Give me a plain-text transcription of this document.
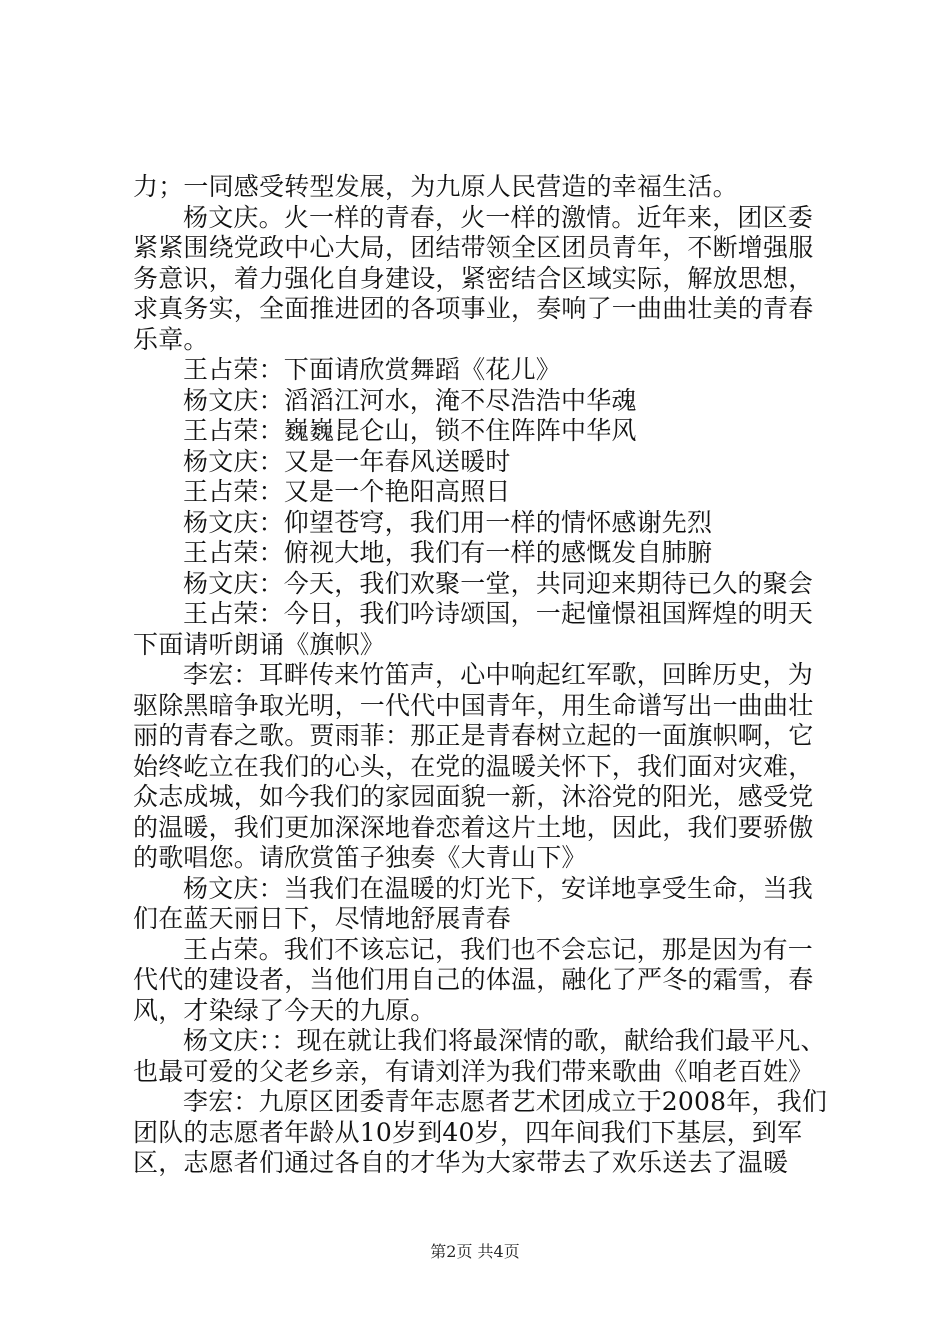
力；一同感受转型发展，为九原人民营造的幸福生活。

杨文庆。火一样的青春，火一样的激情。近年来，团区委紧紧围绕党政中心大局，团结带领全区团员青年，不断增强服务意识，着力强化自身建设，紧密结合区域实际，解放思想，求真务实，全面推进团的各项事业，奏响了一曲曲壮美的青春乐章。

王占荣：下面请欣赏舞蹈《花儿》

杨文庆：滔滔江河水，淹不尽浩浩中华魂

王占荣：巍巍昆仑山，锁不住阵阵中华风

杨文庆：又是一年春风送暖时

王占荣：又是一个艳阳高照日

杨文庆：仰望苍穹，我们用一样的情怀感谢先烈

王占荣：俯视大地，我们有一样的感慨发自肺腑

杨文庆：今天，我们欢聚一堂，共同迎来期待已久的聚会

王占荣：今日，我们吟诗颂国，一起憧憬祖国辉煌的明天下面请听朗诵《旗帜》

李宏：耳畔传来竹笛声，心中响起红军歌，回眸历史，为驱除黑暗争取光明，一代代中国青年，用生命谱写出一曲曲壮丽的青春之歌。贾雨菲：那正是青春树立起的一面旗帜啊，它始终屹立在我们的心头，在党的温暖关怀下，我们面对灾难，众志成城，如今我们的家园面貌一新，沐浴党的阳光，感受党的温暖，我们更加深深地眷恋着这片土地，因此，我们要骄傲的歌唱您。请欣赏笛子独奏《大青山下》

杨文庆：当我们在温暖的灯光下，安详地享受生命，当我们在蓝天丽日下，尽情地舒展青春

王占荣。我们不该忘记，我们也不会忘记，那是因为有一代代的建设者，当他们用自己的体温，融化了严冬的霜雪，春风，才染绿了今天的九原。

杨文庆：：现在就让我们将最深情的歌，献给我们最平凡、也最可爱的父老乡亲，有请刘洋为我们带来歌曲《咱老百姓》

李宏：九原区团委青年志愿者艺术团成立于2008年，我们团队的志愿者年龄从10岁到40岁，四年间我们下基层，到军区，志愿者们通过各自的才华为大家带去了欢乐送去了温暖

第2页 共4页
